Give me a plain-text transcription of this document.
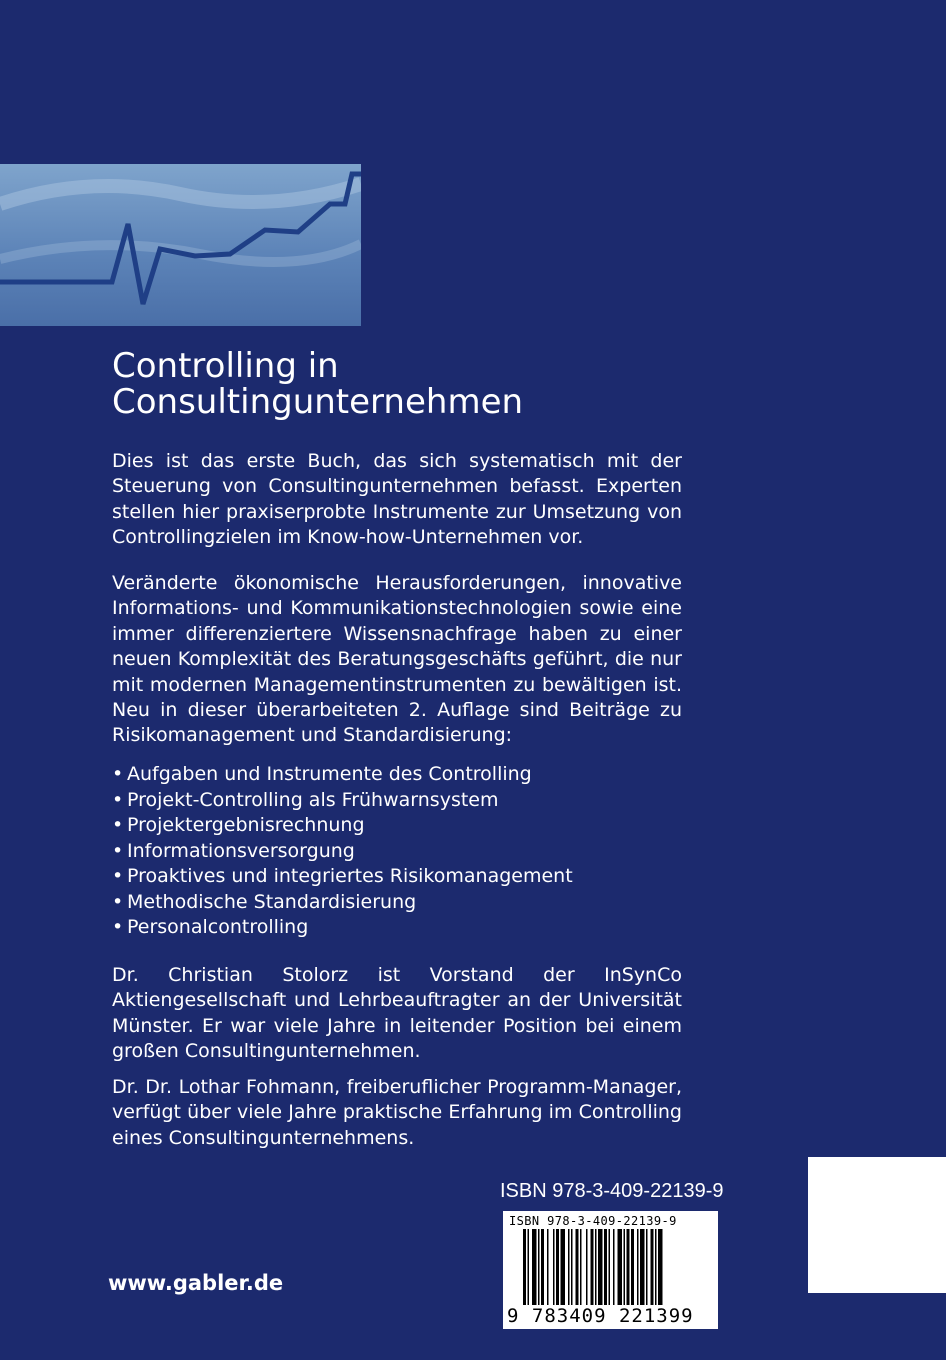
Controlling in
Consultingunternehmen
Dies ist das erste Buch, das sich systematisch mit der Steuerung von Consultingunternehmen befasst. Experten stellen hier praxiserprobte Instrumente zur Umsetzung von Controllingzielen im Know-how-Unternehmen vor.
Veränderte ökonomische Herausforderungen, innovative Informations- und Kommunikationstechnologien sowie eine immer differenziertere Wissensnachfrage haben zu einer neuen Komplexität des Beratungsgeschäfts geführt, die nur mit modernen Managementinstrumenten zu bewältigen ist. Neu in dieser überarbeiteten 2. Auflage sind Beiträge zu Risikomanagement und Standardisierung:
• Aufgaben und Instrumente des Controlling
• Projekt-Controlling als Frühwarnsystem
• Projektergebnisrechnung
• Informationsversorgung
• Proaktives und integriertes Risikomanagement
• Methodische Standardisierung
• Personalcontrolling
Dr. Christian Stolorz ist Vorstand der InSynCo Aktiengesellschaft und Lehrbeauftragter an der Universität Münster. Er war viele Jahre in leitender Position bei einem großen Consultingunternehmen.
Dr. Dr. Lothar Fohmann, freiberuflicher Programm-Manager, verfügt über viele Jahre praktische Erfahrung im Controlling eines Consultingunternehmens.
ISBN 978-3-409-22139-9
ISBN 978-3-409-22139-9
9 783409 221399
www.gabler.de
